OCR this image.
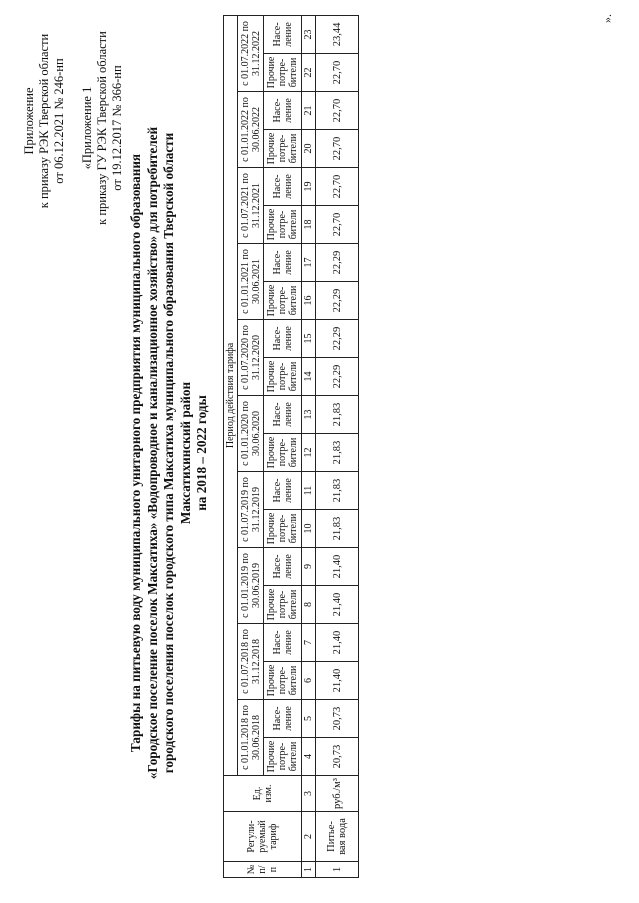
Приложение к приказу РЭК Тверской области от 06.12.2021 № 246-нп «Приложение 1 к приказу ГУ РЭК Тверской области от 19.12.2017 № 366-нп
Тарифы на питьевую воду муниципального унитарного предприятия муниципального образования «Городское поселение поселок Максатиха» «Водопроводное и канализационное хозяйство» для потребителей городского поселения поселок городского типа Максатиха муниципального образования Тверской области Максатихинский район на 2018 – 2022 годы
№ п/п	Регули-руемый тариф	Ед. изм.	Период действия тарифа																			
			с 01.01.2018 по 30.06.2018		с 01.07.2018 по 31.12.2018		с 01.01.2019 по 30.06.2019		с 01.07.2019 по 31.12.2019		с 01.01.2020 по 30.06.2020		с 01.07.2020 по 31.12.2020		с 01.01.2021 по 30.06.2021		с 01.07.2021 по 31.12.2021		с 01.01.2022 по 30.06.2022		с 01.07.2022 по 31.12.2022	
			Прочие потре-бители	Насе-ление	Прочие потре-бители	Насе-ление	Прочие потре-бители	Насе-ление	Прочие потре-бители	Насе-ление	Прочие потре-бители	Насе-ление	Прочие потре-бители	Насе-ление	Прочие потре-бители	Насе-ление	Прочие потре-бители	Насе-ление	Прочие потре-бители	Насе-ление	Прочие потре-бители	Насе-ление
1	2	3	4	5	6	7	8	9	10	11	12	13	14	15	16	17	18	19	20	21	22	23
1	Питье-вая вода	руб./м³	20,73	20,73	21,40	21,40	21,40	21,40	21,83	21,83	21,83	21,83	22,29	22,29	22,29	22,29	22,70	22,70	22,70	22,70	22,70	23,44
».
